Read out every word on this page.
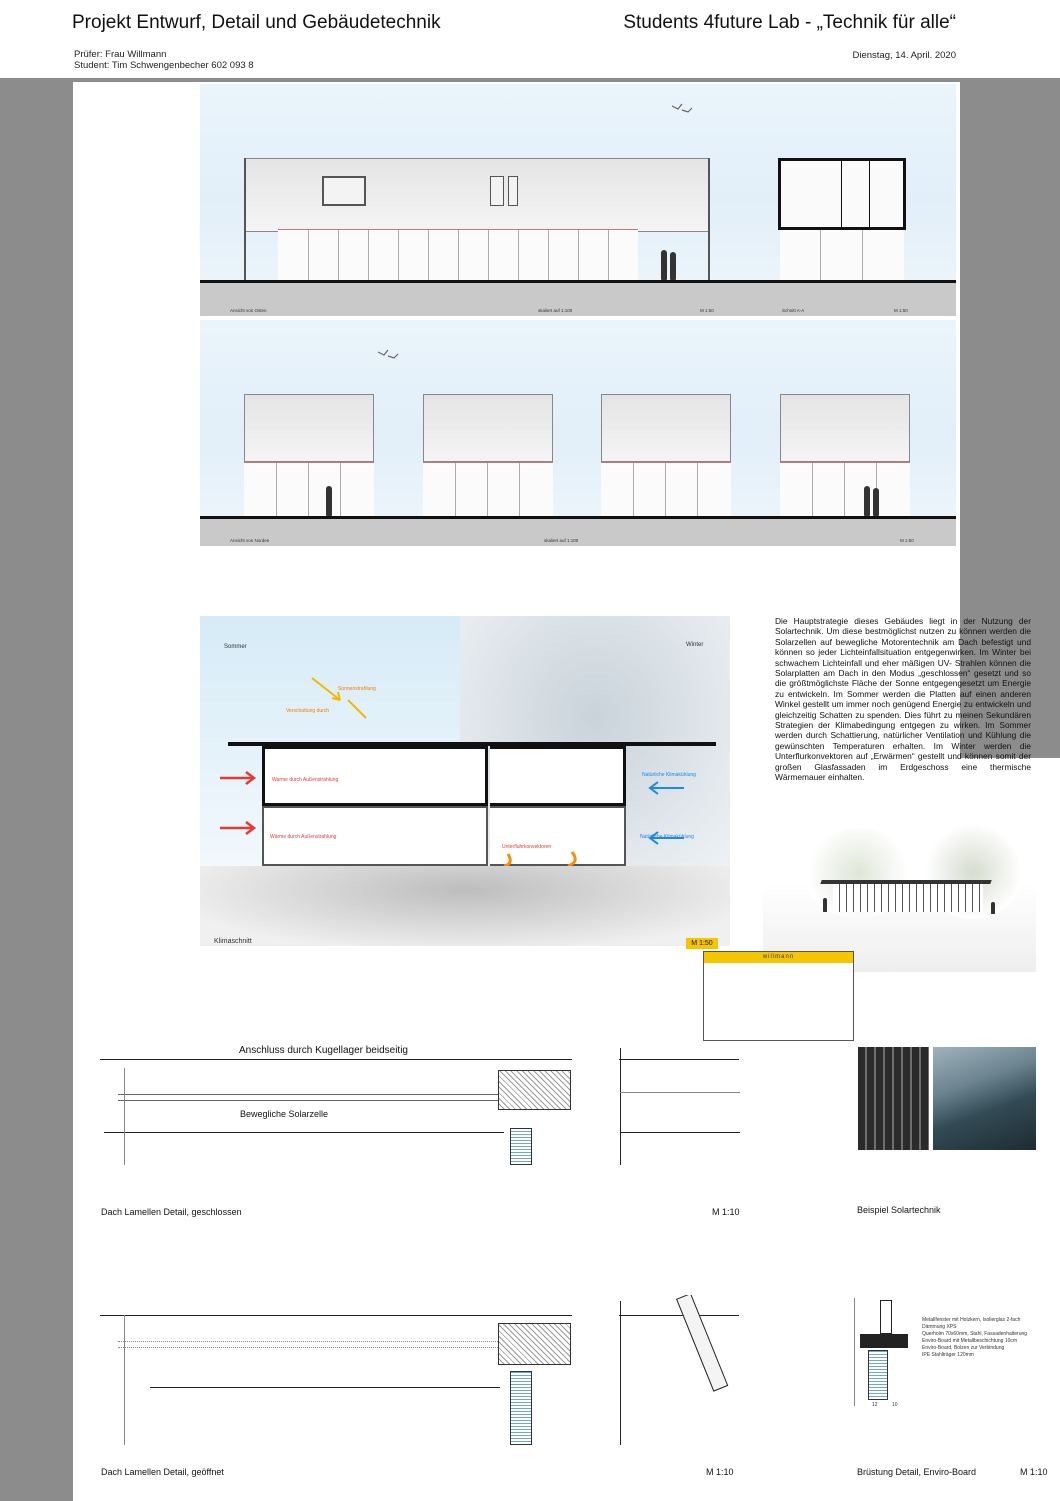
Projekt Entwurf, Detail und Gebäudetechnik	Students 4future Lab - „Technik für alle“
Prüfer: Frau Willmann
Student: Tim Schwengenbecher 602 093 8
Dienstag, 14. April. 2020
Ansicht von Osten	skaliert auf 1:100	M 1:50	Schnitt A-A	M 1:50
Ansicht von Norden	skaliert auf 1:100	M 1:50
Sommer	Winter
Sonnenstrahlung
Verschattung durch
Warme durch Außenstrahlung
Wärme durch Außenstrahlung
Natürliche Klimakühlung
Natürliche Klimakühlung
Unterfluhrkonvektoren
Klimaschnitt	M 1:50
Die Hauptstrategie dieses Gebäudes liegt in der Nutzung der Solartechnik. Um diese bestmöglichst nutzen zu können werden die Solarzellen auf bewegliche Motorentechnik am Dach befestigt und können so jeder Lichteinfallsituation entgegenwirken. Im Winter bei schwachem Lichteinfall und eher mäßigen UV- Strahlen können die Solarplatten am Dach in den Modus „geschlossen“ gesetzt und so die größtmöglichste Fläche der Sonne entgegengesetzt um Energie zu entwickeln. Im Sommer werden die Platten auf einen anderen Winkel gestellt um immer noch genügend Energie zu entwickeln und gleichzeitig Schatten zu spenden. Dies führt zu meinen Sekundären Strategien der Klimabedingung entgegen zu wirken. Im Sommer werden durch Schattierung, natürlicher Ventilation und Kühlung die gewünschten Temperaturen erhalten. Im Winter werden die Unterflurkonvektoren auf „Erwärmen“ gestellt und können somit der großen Glasfassaden im Erdgeschoss eine thermische Wärmemauer einhalten.
willmann
Anschluss durch Kugellager beidseitig
Bewegliche Solarzelle
Dach Lamellen Detail, geschlossen	M 1:10	Beispiel Solartechnik
Metallfenster mit Holzkern, Isolierglas 2-fach
Dämmung XPS
Querholm 70x60mm, Stahl, Fassadenhalterung
Enviro-Board mit Metallbeschichtung 10cm
Enviro-Board, Bolzen zur Verbindung
IPE Stahlträger 120mm
12	10
Dach Lamellen Detail, geöffnet	M 1:10	Brüstung Detail, Enviro-Board	M 1:10
